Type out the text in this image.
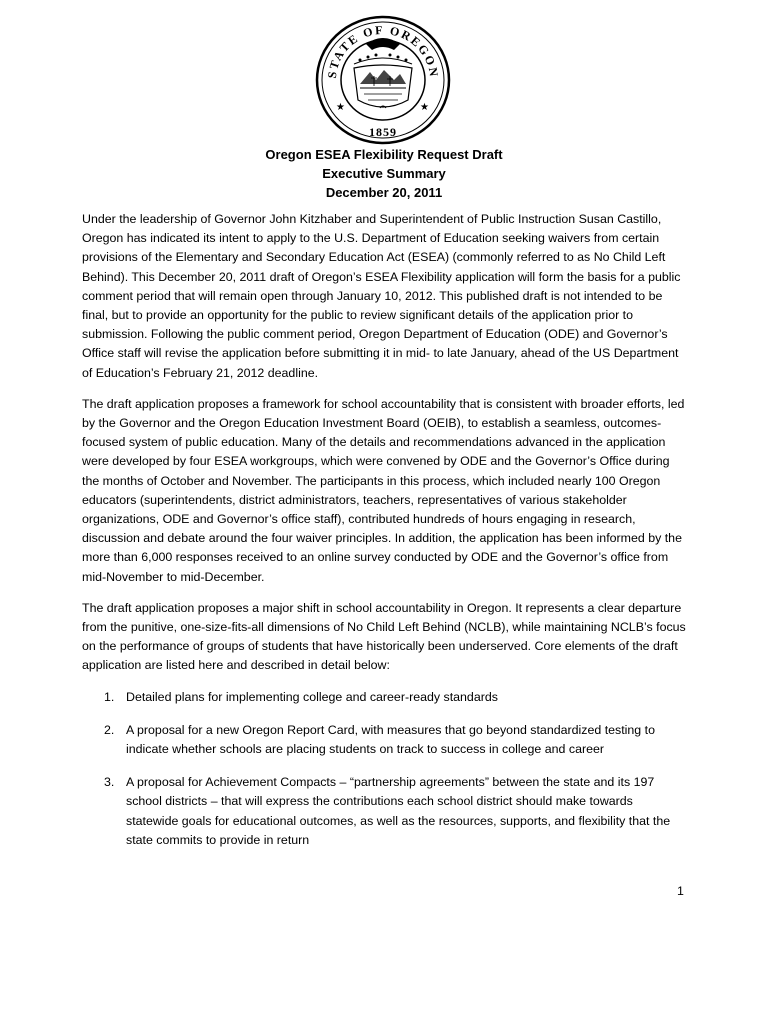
STATE OF OREGON
★	★
1859
Oregon ESEA Flexibility Request Draft
Executive Summary
December 20, 2011

Under the leadership of Governor John Kitzhaber and Superintendent of Public Instruction Susan Castillo, Oregon has indicated its intent to apply to the U.S. Department of Education seeking waivers from certain provisions of the Elementary and Secondary Education Act (ESEA) (commonly referred to as No Child Left Behind). This December 20, 2011 draft of Oregon’s ESEA Flexibility application will form the basis for a public comment period that will remain open through January 10, 2012. This published draft is not intended to be final, but to provide an opportunity for the public to review significant details of the application prior to submission. Following the public comment period, Oregon Department of Education (ODE) and Governor’s Office staff will revise the application before submitting it in mid- to late January, ahead of the US Department of Education’s February 21, 2012 deadline.

The draft application proposes a framework for school accountability that is consistent with broader efforts, led by the Governor and the Oregon Education Investment Board (OEIB), to establish a seamless, outcomes-focused system of public education. Many of the details and recommendations advanced in the application were developed by four ESEA workgroups, which were convened by ODE and the Governor’s Office during the months of October and November. The participants in this process, which included nearly 100 Oregon educators (superintendents, district administrators, teachers, representatives of various stakeholder organizations, ODE and Governor’s office staff), contributed hundreds of hours engaging in research, discussion and debate around the four waiver principles. In addition, the application has been informed by the more than 6,000 responses received to an online survey conducted by ODE and the Governor’s office from mid-November to mid-December.

The draft application proposes a major shift in school accountability in Oregon. It represents a clear departure from the punitive, one-size-fits-all dimensions of No Child Left Behind (NCLB), while maintaining NCLB’s focus on the performance of groups of students that have historically been underserved. Core elements of the draft application are listed here and described in detail below:

1. Detailed plans for implementing college and career-ready standards
2. A proposal for a new Oregon Report Card, with measures that go beyond standardized testing to indicate whether schools are placing students on track to success in college and career
3. A proposal for Achievement Compacts – “partnership agreements” between the state and its 197 school districts – that will express the contributions each school district should make towards statewide goals for educational outcomes, as well as the resources, supports, and flexibility that the state commits to provide in return
1
